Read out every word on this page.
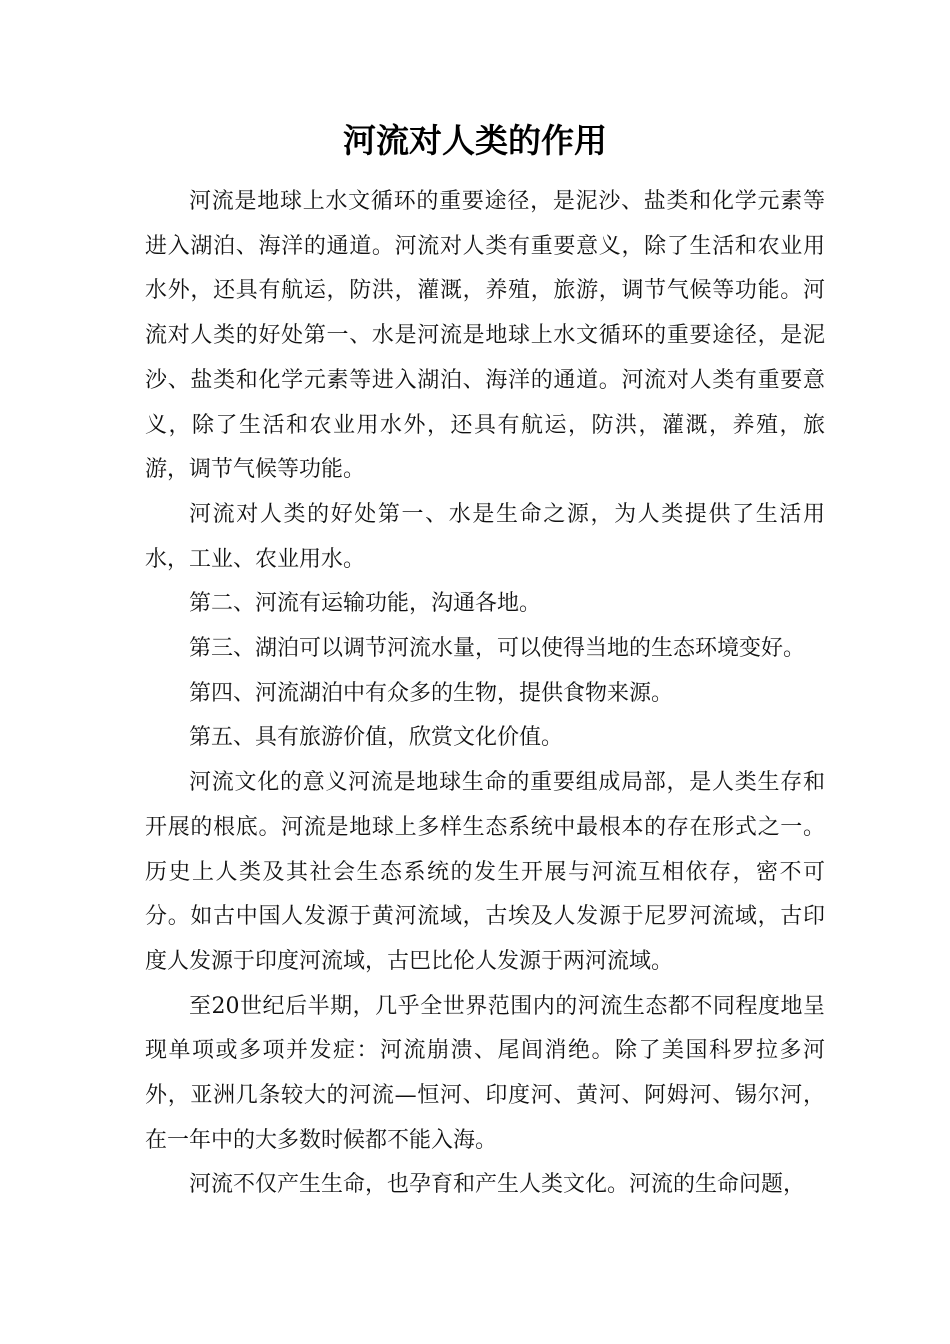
河流对人类的作用

河流是地球上水文循环的重要途径，是泥沙、盐类和化学元素等进入湖泊、海洋的通道。河流对人类有重要意义，除了生活和农业用水外，还具有航运，防洪，灌溉，养殖，旅游，调节气候等功能。河流对人类的好处第一、水是河流是地球上水文循环的重要途径，是泥沙、盐类和化学元素等进入湖泊、海洋的通道。河流对人类有重要意义，除了生活和农业用水外，还具有航运，防洪，灌溉，养殖，旅游，调节气候等功能。

河流对人类的好处第一、水是生命之源，为人类提供了生活用水，工业、农业用水。

第二、河流有运输功能，沟通各地。

第三、湖泊可以调节河流水量，可以使得当地的生态环境变好。

第四、河流湖泊中有众多的生物，提供食物来源。

第五、具有旅游价值，欣赏文化价值。

河流文化的意义河流是地球生命的重要组成局部，是人类生存和开展的根底。河流是地球上多样生态系统中最根本的存在形式之一。历史上人类及其社会生态系统的发生开展与河流互相依存，密不可分。如古中国人发源于黄河流域，古埃及人发源于尼罗河流域，古印度人发源于印度河流域，古巴比伦人发源于两河流域。

至20世纪后半期，几乎全世界范围内的河流生态都不同程度地呈现单项或多项并发症：河流崩溃、尾闾消绝。除了美国科罗拉多河外，亚洲几条较大的河流—恒河、印度河、黄河、阿姆河、锡尔河，在一年中的大多数时候都不能入海。

河流不仅产生生命，也孕育和产生人类文化。河流的生命问题，
